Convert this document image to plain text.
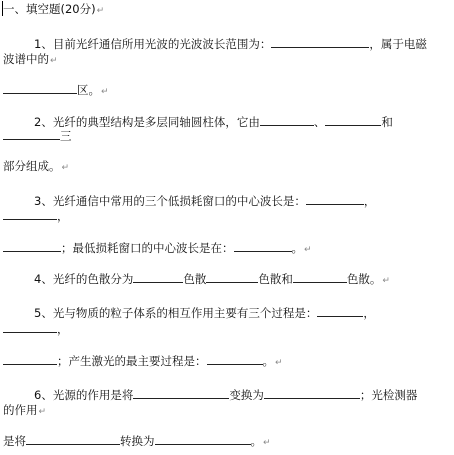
一、填空题(20分)↵
1、目前光纤通信所用光波的光波波长范围为：	，属于电磁
波谱中的↵
区。↵
2、光纤的典型结构是多层同轴圆柱体，它由	、	和
三
部分组成。↵
3、光纤通信中常用的三个低损耗窗口的中心波长是：	，
，
；最低损耗窗口的中心波长是在：	。↵
4、光纤的色散分为	色散	色散和	色散。↵
5、光与物质的粒子体系的相互作用主要有三个过程是：	，
，
；产生激光的最主要过程是：	。↵
6、光源的作用是将	变换为	；光检测器
的作用↵
是将	转换为	。↵
